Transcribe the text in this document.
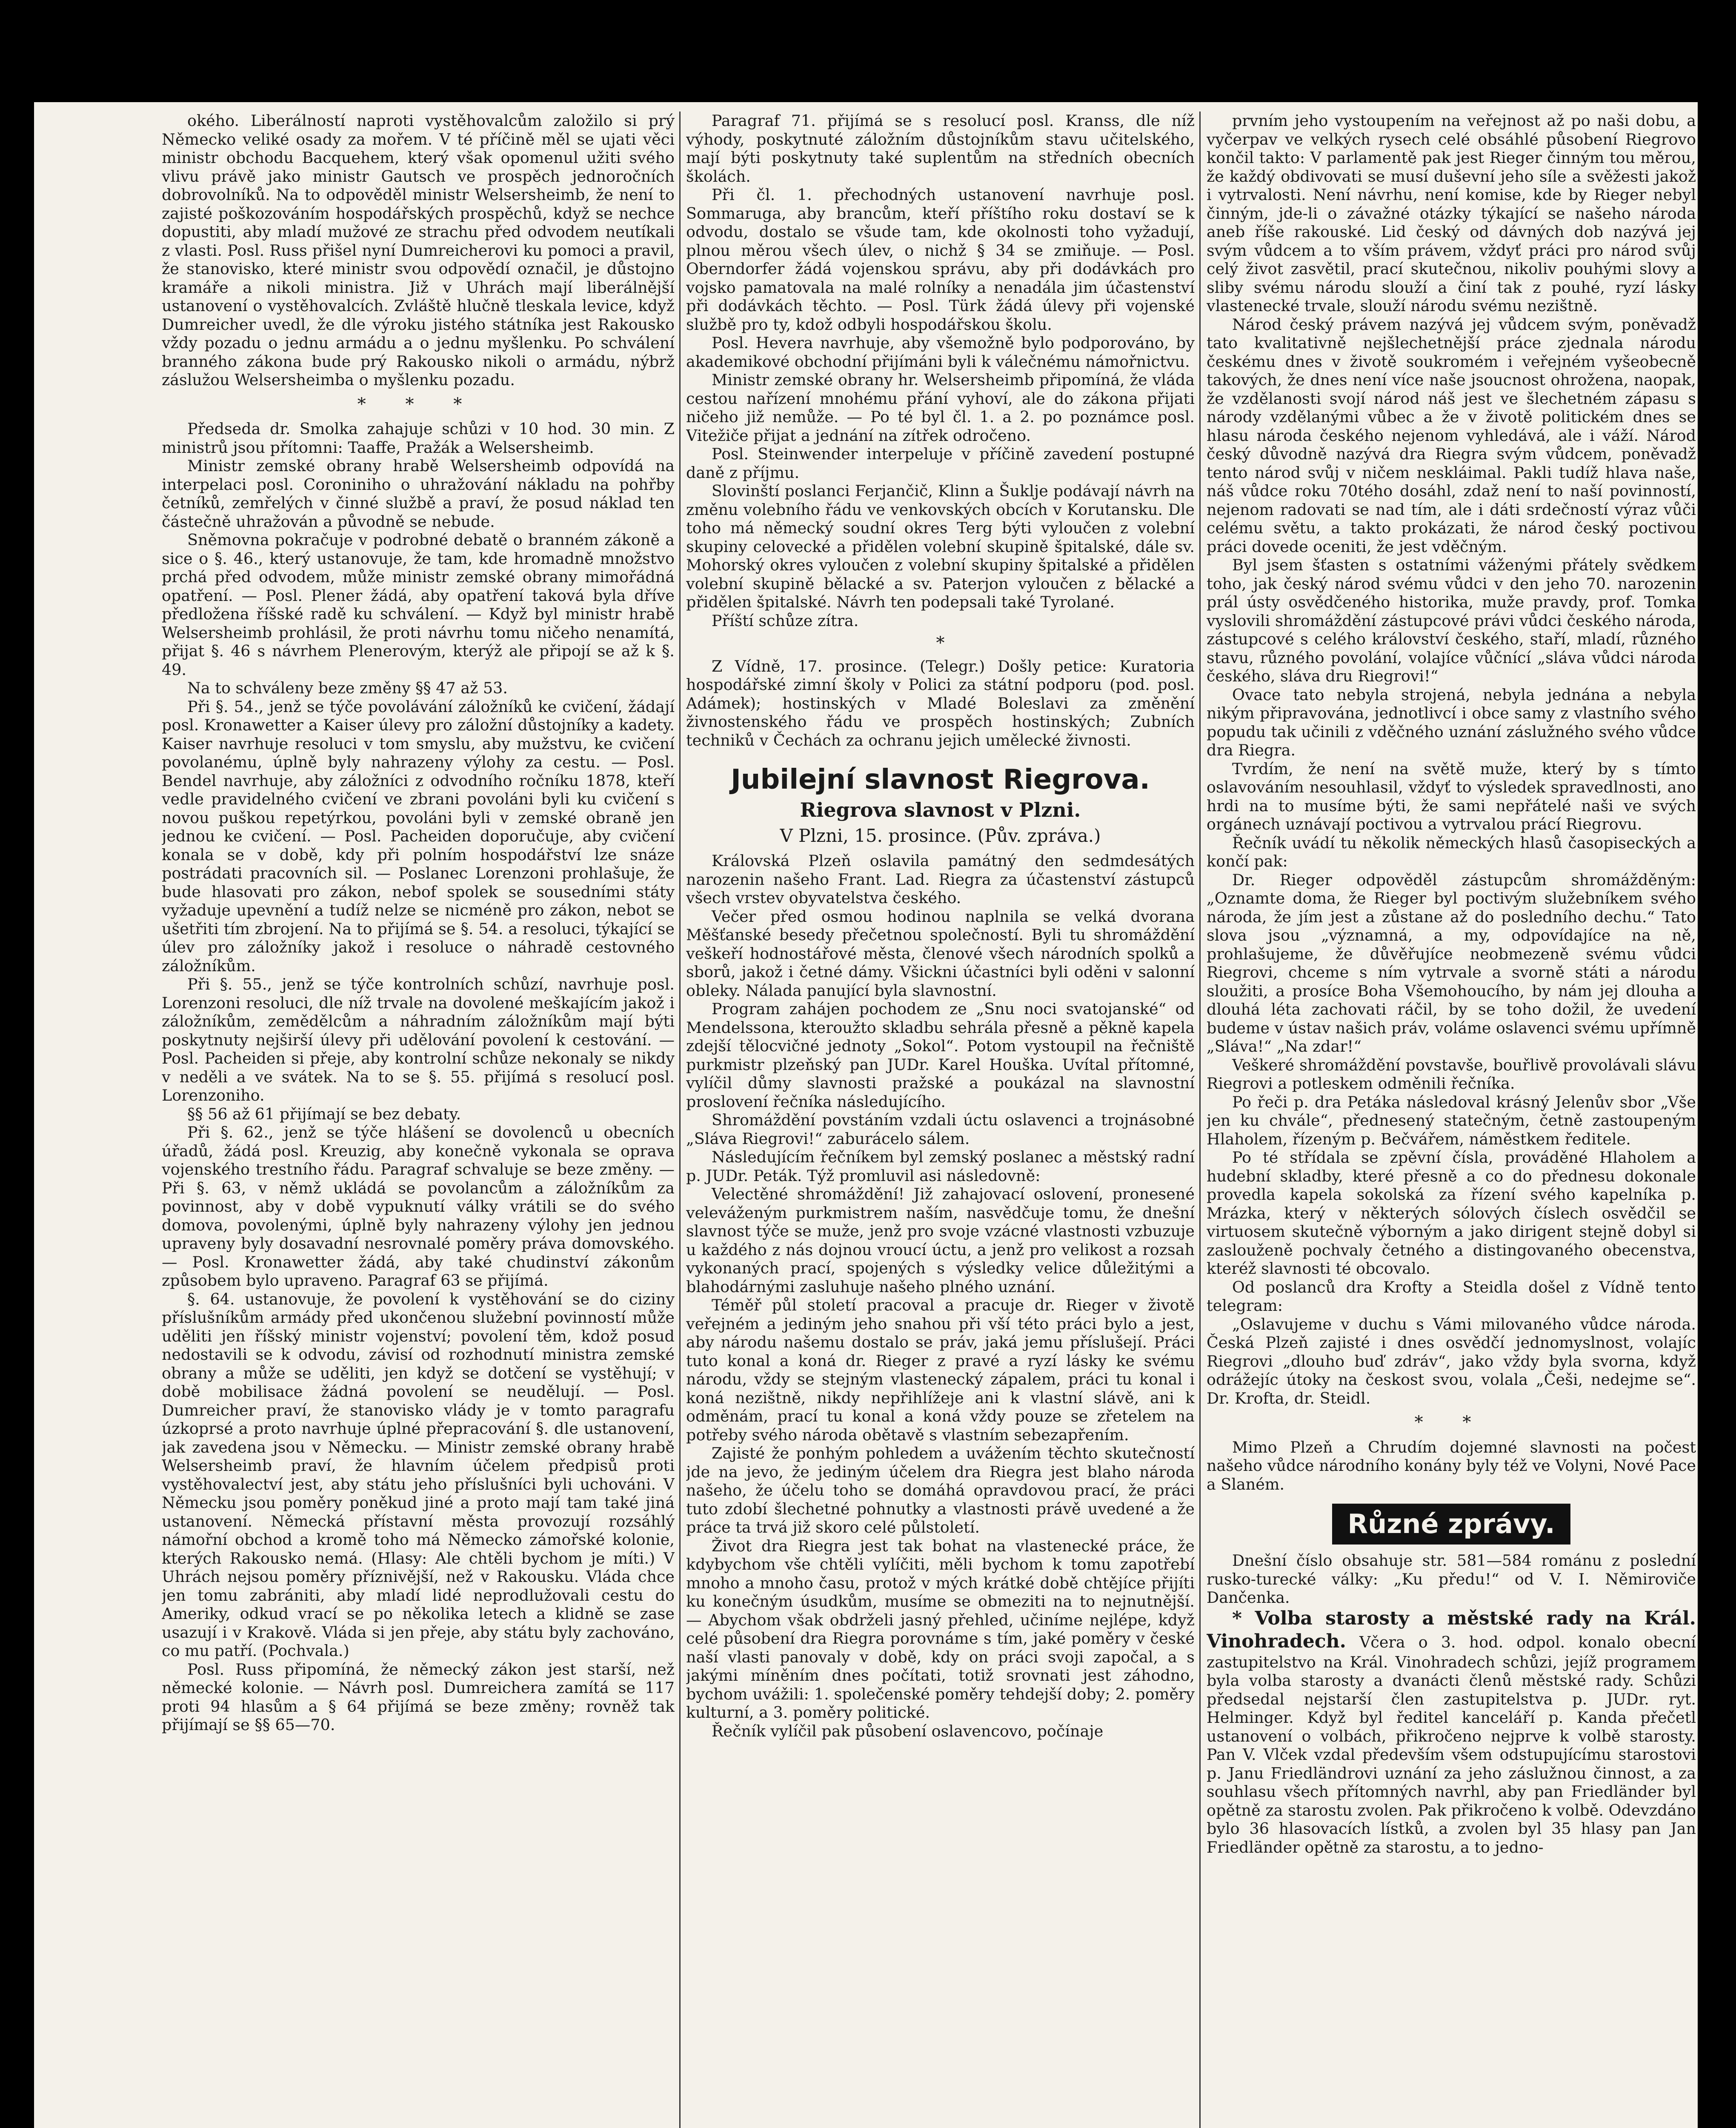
okého. Liberálností naproti vystěhovalcům založilo si prý Německo veliké osady za mořem. V té příčině měl se ujati věci ministr obchodu Bacquehem, který však opomenul užiti svého vlivu právě jako ministr Gautsch ve prospěch jednoročních dobrovolníků. Na to odpověděl ministr Welsersheimb, že není to zajisté poškozováním hospodářských prospěchů, když se nechce dopustiti, aby mladí mužové ze strachu před odvodem neutíkali z vlasti. Posl. Russ přišel nyní Dumreicherovi ku pomoci a pravil, že stanovisko, které ministr svou odpovědí označil, je důstojno kramáře a nikoli ministra. Již v Uhrách mají liberálnější ustanovení o vystěhovalcích. Zvláště hlučně tleskala levice, když Dumreicher uvedl, že dle výroku jistého státníka jest Rakousko vždy pozadu o jednu armádu a o jednu myšlenku. Po schválení branného zákona bude prý Rakousko nikoli o armádu, nýbrž záslužou Welsersheimba o myšlenku pozadu.

* * *

Předseda dr. Smolka zahajuje schůzi v 10 hod. 30 min. Z ministrů jsou přítomni: Taaffe, Pražák a Welsersheimb.

Ministr zemské obrany hrabě Welsersheimb odpovídá na interpelaci posl. Coroniniho o uhražování nákladu na pohřby četníků, zemřelých v činné službě a praví, že posud náklad ten částečně uhražován a původně se nebude.

Sněmovna pokračuje v podrobné debatě o branném zákoně a sice o §. 46., který ustanovuje, že tam, kde hromadně množstvo prchá před odvodem, může ministr zemské obrany mimořádná opatření. — Posl. Plener žádá, aby opatření taková byla dříve předložena říšské radě ku schválení. — Když byl ministr hrabě Welsersheimb prohlásil, že proti návrhu tomu ničeho nenamítá, přijat §. 46 s návrhem Plenerovým, kterýž ale připojí se až k §. 49.

Na to schváleny beze změny §§ 47 až 53.

Při §. 54., jenž se týče povolávání záložníků ke cvičení, žádají posl. Kronawetter a Kaiser úlevy pro záložní důstojníky a kadety. Kaiser navrhuje resoluci v tom smyslu, aby mužstvu, ke cvičení povolanému, úplně byly nahrazeny výlohy za cestu. — Posl. Bendel navrhuje, aby záložníci z odvodního ročníku 1878, kteří vedle pravidelného cvičení ve zbrani povoláni byli ku cvičení s novou puškou repetýrkou, povoláni byli v zemské obraně jen jednou ke cvičení. — Posl. Pacheiden doporučuje, aby cvičení konala se v době, kdy při polním hospodářství lze snáze postrádati pracovních sil. — Poslanec Lorenzoni prohlašuje, že bude hlasovati pro zákon, nebof spolek se sousedními státy vyžaduje upevnění a tudíž nelze se nicméně pro zákon, nebot se ušetřiti tím zbrojení. Na to přijímá se §. 54. a resoluci, týkající se úlev pro záložníky jakož i resoluce o náhradě cestovného záložníkům.

Při §. 55., jenž se týče kontrolních schůzí, navrhuje posl. Lorenzoni resoluci, dle níž trvale na dovolené meškajícím jakož i záložníkům, zemědělcům a náhradním záložníkům mají býti poskytnuty nejširší úlevy při udělování povolení k cestování. — Posl. Pacheiden si přeje, aby kontrolní schůze nekonaly se nikdy v neděli a ve svátek. Na to se §. 55. přijímá s resolucí posl. Lorenzoniho.

§§ 56 až 61 přijímají se bez debaty.

Při §. 62., jenž se týče hlášení se dovolenců u obecních úřadů, žádá posl. Kreuzig, aby konečně vykonala se oprava vojenského trestního řádu. Paragraf schvaluje se beze změny. — Při §. 63, v němž ukládá se povolancům a záložníkům za povinnost, aby v době vypuknutí války vrátili se do svého domova, povolenými, úplně byly nahrazeny výlohy jen jednou upraveny byly dosavadní nesrovnalé poměry práva domovského. — Posl. Kronawetter žádá, aby také chudinství zákonům způsobem bylo upraveno. Paragraf 63 se přijímá.

§. 64. ustanovuje, že povolení k vystěhování se do ciziny příslušníkům armády před ukončenou služební povinností může uděliti jen říšský ministr vojenství; povolení těm, kdož posud nedostavili se k odvodu, závisí od rozhodnutí ministra zemské obrany a může se uděliti, jen když se dotčení se vystěhují; v době mobilisace žádná povolení se neudělují. — Posl. Dumreicher praví, že stanovisko vlády je v tomto paragrafu úzkoprsé a proto navrhuje úplné přepracování §. dle ustanovení, jak zavedena jsou v Německu. — Ministr zemské obrany hrabě Welsersheimb praví, že hlavním účelem předpisů proti vystěhovalectví jest, aby státu jeho příslušníci byli uchováni. V Německu jsou poměry poněkud jiné a proto mají tam také jiná ustanovení. Německá přístavní města provozují rozsáhlý námořní obchod a kromě toho má Německo zámořské kolonie, kterých Rakousko nemá. (Hlasy: Ale chtěli bychom je míti.) V Uhrách nejsou poměry příznivější, než v Rakousku. Vláda chce jen tomu zabrániti, aby mladí lidé neprodlužovali cestu do Ameriky, odkud vrací se po několika letech a klidně se zase usazují i v Krakově. Vláda si jen přeje, aby státu byly zachováno, co mu patří. (Pochvala.)

Posl. Russ připomíná, že německý zákon jest starší, než německé kolonie. — Návrh posl. Dumreichera zamítá se 117 proti 94 hlasům a § 64 přijímá se beze změny; rovněž tak přijímají se §§ 65—70.

Paragraf 71. přijímá se s resolucí posl. Kranss, dle níž výhody, poskytnuté záložním důstojníkům stavu učitelského, mají býti poskytnuty také suplentům na středních obecních školách.

Při čl. 1. přechodných ustanovení navrhuje posl. Sommaruga, aby brancům, kteří příštího roku dostaví se k odvodu, dostalo se všude tam, kde okolnosti toho vyžadují, plnou měrou všech úlev, o nichž § 34 se zmiňuje. — Posl. Oberndorfer žádá vojenskou správu, aby při dodávkách pro vojsko pamatovala na malé rolníky a nenadála jim účastenství při dodávkách těchto. — Posl. Türk žádá úlevy při vojenské službě pro ty, kdož odbyli hospodářskou školu.

Posl. Hevera navrhuje, aby všemožně bylo podporováno, by akademikové obchodní přijímáni byli k válečnému námořnictvu.

Ministr zemské obrany hr. Welsersheimb připomíná, že vláda cestou nařízení mnohému přání vyhoví, ale do zákona přijati ničeho již nemůže. — Po té byl čl. 1. a 2. po poznámce posl. Vitežiče přijat a jednání na zítřek odročeno.

Posl. Steinwender interpeluje v příčině zavedení postupné daně z příjmu.

Slovinští poslanci Ferjančič, Klinn a Šuklje podávají návrh na změnu volebního řádu ve venkovských obcích v Korutansku. Dle toho má německý soudní okres Terg býti vyloučen z volební skupiny celovecké a přidělen volební skupině špitalské, dále sv. Mohorský okres vyloučen z volební skupiny špitalské a přidělen volební skupině bělacké a sv. Paterjon vyloučen z bělacké a přidělen špitalské. Návrh ten podepsali také Tyrolané.

Příští schůze zítra.

*

Z Vídně, 17. prosince. (Telegr.) Došly petice: Kuratoria hospodářské zimní školy v Polici za státní podporu (pod. posl. Adámek); hostinských v Mladé Boleslavi za změnění živnostenského řádu ve prospěch hostinských; Zubních techniků v Čechách za ochranu jejich umělecké živnosti.

Jubilejní slavnost Riegrova.
Riegrova slavnost v Plzni.
V Plzni, 15. prosince. (Pův. zpráva.)

Královská Plzeň oslavila památný den sedmdesátých narozenin našeho Frant. Lad. Riegra za účastenství zástupců všech vrstev obyvatelstva českého.

Večer před osmou hodinou naplnila se velká dvorana Měšťanské besedy přečetnou společností. Byli tu shromáždění veškeří hodnostářové města, členové všech národních spolků a sborů, jakož i četné dámy. Všickni účastníci byli oděni v salonní obleky. Nálada panující byla slavnostní.

Program zahájen pochodem ze „Snu noci svatojanské“ od Mendelssona, kteroužto skladbu sehrála přesně a pěkně kapela zdejší tělocvičné jednoty „Sokol“. Potom vystoupil na řečniště purkmistr plzeňský pan JUDr. Karel Houška. Uvítal přítomné, vylíčil důmy slavnosti pražské a poukázal na slavnostní proslovení řečníka následujícího.

Shromáždění povstáním vzdali úctu oslavenci a trojnásobné „Sláva Riegrovi!“ zaburácelo sálem.

Následujícím řečníkem byl zemský poslanec a městský radní p. JUDr. Peták. Týž promluvil asi následovně:

Velectěné shromáždění! Již zahajovací oslovení, pronesené veleváženým purkmistrem naším, nasvědčuje tomu, že dnešní slavnost týče se muže, jenž pro svoje vzácné vlastnosti vzbuzuje u každého z nás dojnou vroucí úctu, a jenž pro velikost a rozsah vykonaných prací, spojených s výsledky velice důležitými a blahodárnými zasluhuje našeho plného uznání.

Téměř půl století pracoval a pracuje dr. Rieger v životě veřejném a jediným jeho snahou při vší této práci bylo a jest, aby národu našemu dostalo se práv, jaká jemu příslušejí. Práci tuto konal a koná dr. Rieger z pravé a ryzí lásky ke svému národu, vždy se stejným vlastenecký zápalem, práci tu konal i koná nezištně, nikdy nepřihlížeje ani k vlastní slávě, ani k odměnám, prací tu konal a koná vždy pouze se zřetelem na potřeby svého národa obětavě s vlastním sebezapřením.

Zajisté že ponhým pohledem a uvážením těchto skutečností jde na jevo, že jediným účelem dra Riegra jest blaho národa našeho, že účelu toho se domáhá opravdovou prací, že práci tuto zdobí šlechetné pohnutky a vlastnosti právě uvedené a že práce ta trvá již skoro celé půlstoletí.

Život dra Riegra jest tak bohat na vlastenecké práce, že kdybychom vše chtěli vylíčiti, měli bychom k tomu zapotřebí mnoho a mnoho času, protož v mých krátké době chtějíce přijíti ku konečným úsudkům, musíme se obmeziti na to nejnutnější. — Abychom však obdrželi jasný přehled, učiníme nejlépe, když celé působení dra Riegra porovnáme s tím, jaké poměry v české naší vlasti panovaly v době, kdy on práci svoji započal, a s jakými míněním dnes počítati, totiž srovnati jest záhodno, bychom uvážili: 1. společenské poměry tehdejší doby; 2. poměry kulturní, a 3. poměry politické.

Řečník vylíčil pak působení oslavencovo, počínaje

prvním jeho vystoupením na veřejnost až po naši dobu, a vyčerpav ve velkých rysech celé obsáhlé působení Riegrovo končil takto: V parlamentě pak jest Rieger činným tou měrou, že každý obdivovati se musí duševní jeho síle a svěžesti jakož i vytrvalosti. Není návrhu, není komise, kde by Rieger nebyl činným, jde-li o závažné otázky týkající se našeho národa aneb říše rakouské. Lid český od dávných dob nazývá jej svým vůdcem a to vším právem, vždyť práci pro národ svůj celý život zasvětil, prací skutečnou, nikoliv pouhými slovy a sliby svému národu slouží a činí tak z pouhé, ryzí lásky vlastenecké trvale, slouží národu svému nezištně.

Národ český právem nazývá jej vůdcem svým, poněvadž tato kvalitativně nejšlechetnější práce zjednala národu českému dnes v životě soukromém i veřejném vyšeobecně takových, že dnes není více naše jsoucnost ohrožena, naopak, že vzdělanosti svojí národ náš jest ve šlechetném zápasu s národy vzdělanými vůbec a že v životě politickém dnes se hlasu národa českého nejenom vyhledává, ale i váží. Národ český důvodně nazývá dra Riegra svým vůdcem, poněvadž tento národ svůj v ničem neskláimal. Pakli tudíž hlava naše, náš vůdce roku 70tého dosáhl, zdaž není to naší povinností, nejenom radovati se nad tím, ale i dáti srdečností výraz vůči celému světu, a takto prokázati, že národ český poctivou práci dovede oceniti, že jest vděčným.

Byl jsem šťasten s ostatními váženými přátely svědkem toho, jak český národ svému vůdci v den jeho 70. narozenin prál ústy osvědčeného historika, muže pravdy, prof. Tomka vyslovili shromáždění zástupcové právi vůdci českého národa, zástupcové s celého království českého, staří, mladí, různého stavu, různého povolání, volajíce vůčnící „sláva vůdci národa českého, sláva dru Riegrovi!“

Ovace tato nebyla strojená, nebyla jednána a nebyla nikým připravována, jednotlivcí i obce samy z vlastního svého popudu tak učinili z vděčného uznání záslužného svého vůdce dra Riegra.

Tvrdím, že není na světě muže, který by s tímto oslavováním nesouhlasil, vždyť to výsledek spravedlnosti, ano hrdi na to musíme býti, že sami nepřátelé naši ve svých orgánech uznávají poctivou a vytrvalou prácí Riegrovu.

Řečník uvádí tu několik německých hlasů časopiseckých a končí pak:

Dr. Rieger odpověděl zástupcům shromážděným: „Oznamte doma, že Rieger byl poctivým služebníkem svého národa, že jím jest a zůstane až do posledního dechu.“ Tato slova jsou „významná, a my, odpovídajíce na ně, prohlašujeme, že důvěřujíce neobmezeně svému vůdci Riegrovi, chceme s ním vytrvale a svorně státi a národu sloužiti, a prosíce Boha Všemohoucího, by nám jej dlouha a dlouhá léta zachovati ráčil, by se toho dožil, že uvedení budeme v ústav našich práv, voláme oslavenci svému upřímně „Sláva!“ „Na zdar!“

Veškeré shromáždění povstavše, bouřlivě provolávali slávu Riegrovi a potleskem odměnili řečníka.

Po řeči p. dra Petáka následoval krásný Jelenův sbor „Vše jen ku chvále“, přednesený statečným, četně zastoupeným Hlaholem, řízeným p. Bečvářem, náměstkem ředitele.

Po té střídala se zpěvní čísla, prováděné Hlaholem a hudební skladby, které přesně a co do přednesu dokonale provedla kapela sokolská za řízení svého kapelníka p. Mrázka, který v některých sólových číslech osvědčil se virtuosem skutečně výborným a jako dirigent stejně dobyl si zaslouženě pochvaly četného a distingovaného obecenstva, kteréž slavnosti té obcovalo.

Od poslanců dra Krofty a Steidla došel z Vídně tento telegram:

„Oslavujeme v duchu s Vámi milovaného vůdce národa. Česká Plzeň zajisté i dnes osvědčí jednomyslnost, volajíc Riegrovi „dlouho buď zdráv“, jako vždy byla svorna, když odrážejíc útoky na českost svou, volala „Češi, nedejme se“. Dr. Krofta, dr. Steidl.

* *

Mimo Plzeň a Chrudím dojemné slavnosti na počest našeho vůdce národního konány byly též ve Volyni, Nové Pace a Slaném.

Různé zprávy.

Dnešní číslo obsahuje str. 581—584 románu z poslední rusko-turecké války: „Ku předu!“ od V. I. Němiroviče Dančenka.

* Volba starosty a městské rady na Král. Vinohradech. Včera o 3. hod. odpol. konalo obecní zastupitelstvo na Král. Vinohradech schůzi, jejíž programem byla volba starosty a dvanácti členů městské rady. Schůzi předsedal nejstarší člen zastupitelstva p. JUDr. ryt. Helminger. Když byl ředitel kanceláří p. Kanda přečetl ustanovení o volbách, přikročeno nejprve k volbě starosty. Pan V. Vlček vzdal především všem odstupujícímu starostovi p. Janu Friedländrovi uznání za jeho záslužnou činnost, a za souhlasu všech přítomných navrhl, aby pan Friedländer byl opětně za starostu zvolen. Pak přikročeno k volbě. Odevzdáno bylo 36 hlasovacích lístků, a zvolen byl 35 hlasy pan Jan Friedländer opětně za starostu, a to jedno-
